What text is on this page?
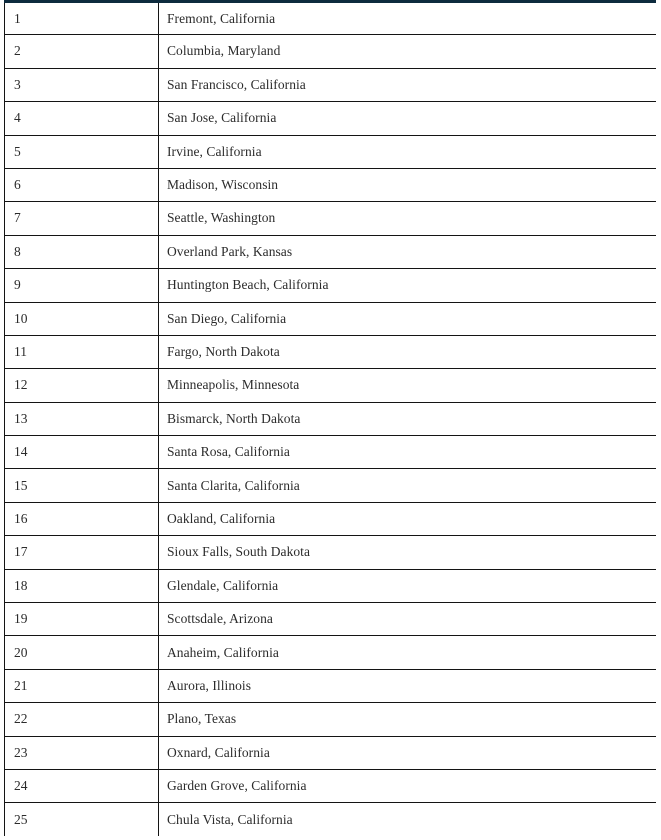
1	Fremont, California
2	Columbia, Maryland
3	San Francisco, California
4	San Jose, California
5	Irvine, California
6	Madison, Wisconsin
7	Seattle, Washington
8	Overland Park, Kansas
9	Huntington Beach, California
10	San Diego, California
11	Fargo, North Dakota
12	Minneapolis, Minnesota
13	Bismarck, North Dakota
14	Santa Rosa, California
15	Santa Clarita, California
16	Oakland, California
17	Sioux Falls, South Dakota
18	Glendale, California
19	Scottsdale, Arizona
20	Anaheim, California
21	Aurora, Illinois
22	Plano, Texas
23	Oxnard, California
24	Garden Grove, California
25	Chula Vista, California
